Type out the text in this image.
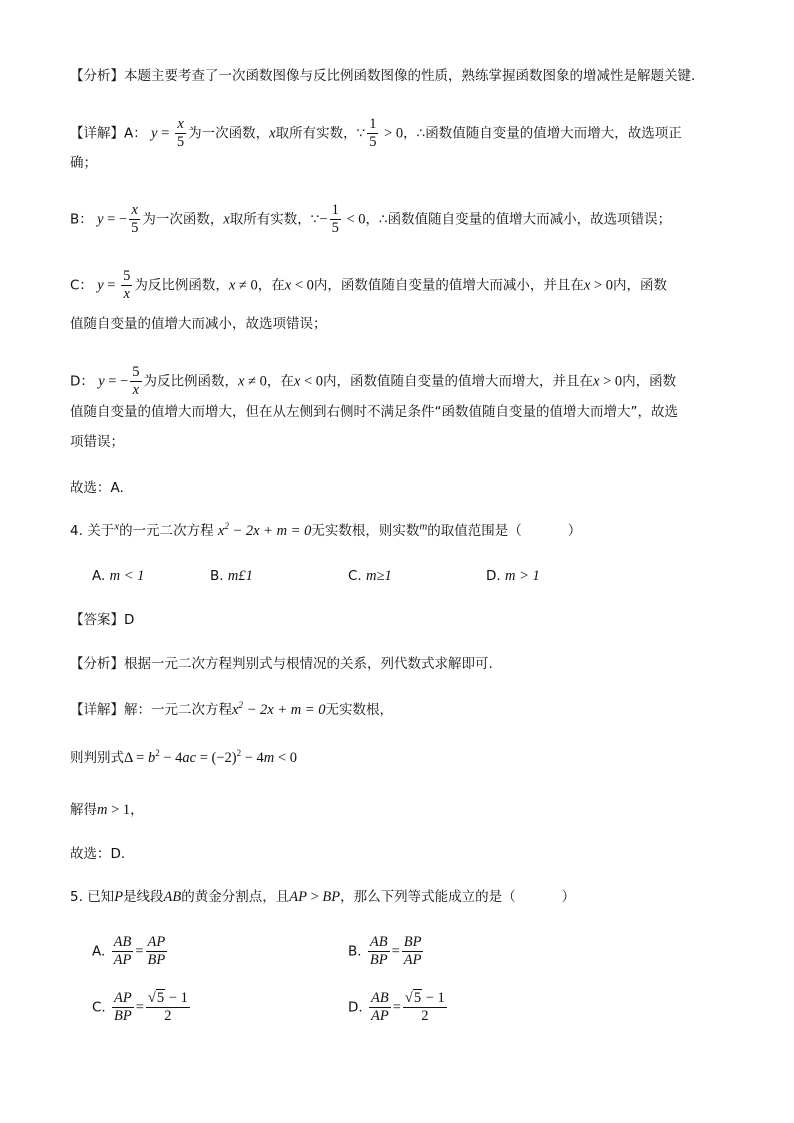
【分析】本题主要考查了一次函数图像与反比例函数图像的性质，熟练掌握函数图象的增减性是解题关键.
【详解】A： $y = \frac{x}{5}$ 为一次函数，x取所有实数，∵ $\frac{1}{5} > 0$，∴函数值随自变量的值增大而增大，故选项正
确；
B： y = − $\frac{x}{5}$ 为一次函数，x取所有实数，∵− $\frac{1}{5} < 0$，∴函数值随自变量的值增大而减小，故选项错误；
C： $y = \frac{5}{x}$ 为反比例函数，x ≠ 0，在x < 0内，函数值随自变量的值增大而减小，并且在x > 0内，函数
值随自变量的值增大而减小，故选项错误；
D： y = − $\frac{5}{x}$ 为反比例函数，x ≠ 0，在x < 0内，函数值随自变量的值增大而增大，并且在x > 0内，函数
值随自变量的值增大而增大，但在从左侧到右侧时不满足条件“函数值随自变量的值增大而增大”，故选
项错误；
故选：A.
4. 关于$^x$的一元二次方程 $x^2 - 2x + m = 0$无实数根，则实数$^m$的取值范围是（	）
A. m < 1	B. m£1	C. m≥1	D. m > 1
【答案】D
【分析】根据一元二次方程判别式与根情况的关系，列代数式求解即可.
【详解】解：一元二次方程$x^2 - 2x + m = 0$无实数根，
则判别式$\Delta = b^2 - 4ac = (-2)^2 - 4m < 0$
解得m > 1，
故选：D.
5. 已知P是线段AB的黄金分割点，且AP > BP，那么下列等式能成立的是（	）
A. $\frac{AB}{AP} = \frac{AP}{BP}$	B. $\frac{AB}{BP} = \frac{BP}{AP}$
C. $\frac{AP}{BP} = \frac{√5 - 1}{2}$	D. $\frac{AB}{AP} = \frac{√5 - 1}{2}$
